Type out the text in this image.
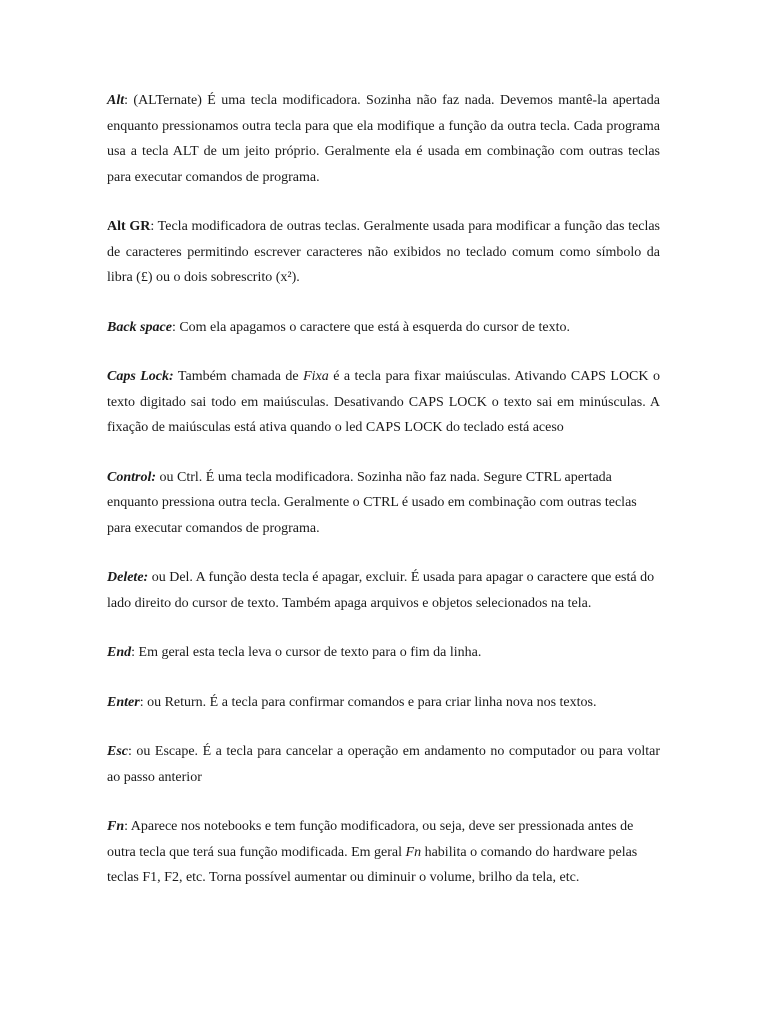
Alt: (ALTernate) É uma tecla modificadora. Sozinha não faz nada. Devemos mantê-la apertada enquanto pressionamos outra tecla para que ela modifique a função da outra tecla. Cada programa usa a tecla ALT de um jeito próprio. Geralmente ela é usada em combinação com outras teclas para executar comandos de programa.

Alt GR: Tecla modificadora de outras teclas. Geralmente usada para modificar a função das teclas de caracteres permitindo escrever caracteres não exibidos no teclado comum como símbolo da libra (£) ou o dois sobrescrito (x²).

Back space: Com ela apagamos o caractere que está à esquerda do cursor de texto.

Caps Lock: Também chamada de Fixa é a tecla para fixar maiúsculas. Ativando CAPS LOCK o texto digitado sai todo em maiúsculas. Desativando CAPS LOCK o texto sai em minúsculas. A fixação de maiúsculas está ativa quando o led CAPS LOCK do teclado está aceso

Control: ou Ctrl. É uma tecla modificadora. Sozinha não faz nada. Segure CTRL apertada enquanto pressiona outra tecla. Geralmente o CTRL é usado em combinação com outras teclas para executar comandos de programa.

Delete: ou Del. A função desta tecla é apagar, excluir. É usada para apagar o caractere que está do lado direito do cursor de texto. Também apaga arquivos e objetos selecionados na tela.

End: Em geral esta tecla leva o cursor de texto para o fim da linha.

Enter: ou Return. É a tecla para confirmar comandos e para criar linha nova nos textos.

Esc: ou Escape. É a tecla para cancelar a operação em andamento no computador ou para voltar ao passo anterior

Fn: Aparece nos notebooks e tem função modificadora, ou seja, deve ser pressionada antes de outra tecla que terá sua função modificada. Em geral Fn habilita o comando do hardware pelas teclas F1, F2, etc. Torna possível aumentar ou diminuir o volume, brilho da tela, etc.
